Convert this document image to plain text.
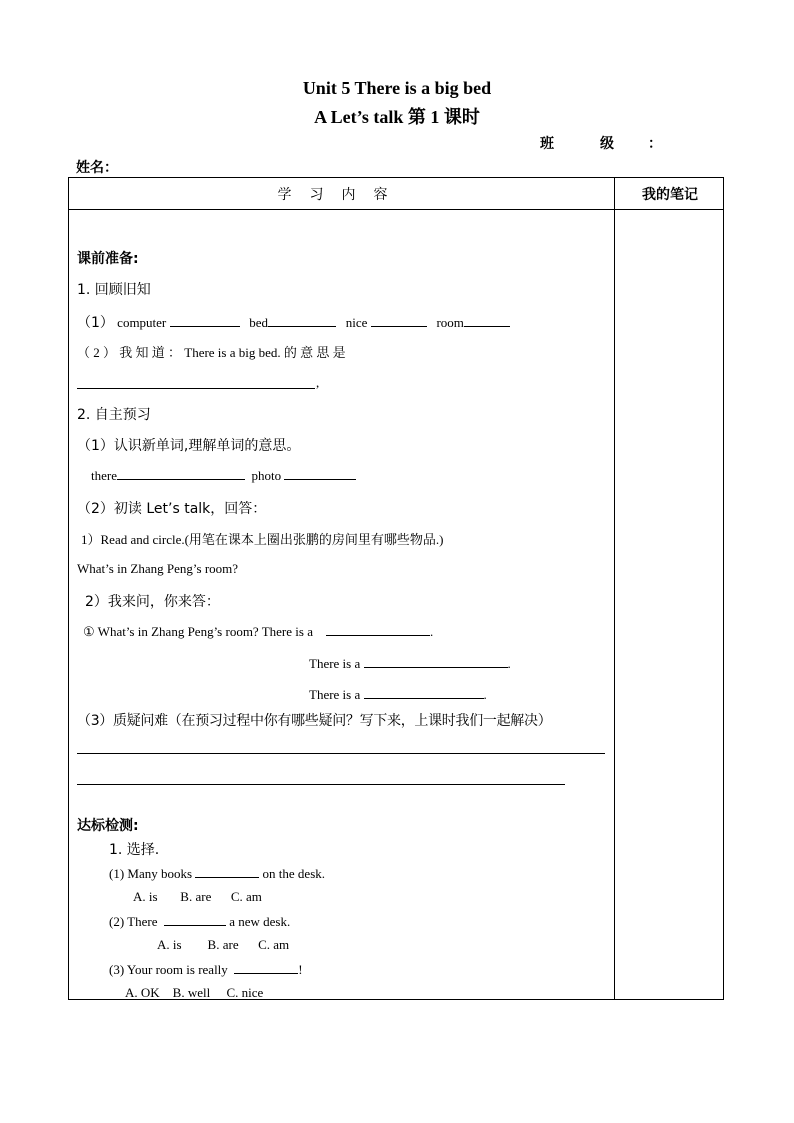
Unit 5 There is a big bed
A Let’s talk 第 1 课时
班	级 ：
姓名：
学习内容	我的笔记
课前准备:
1. 回顾旧知
（1） computer	bed	nice	room
（ 2 ） 我 知 道 ： There is a big bed. 的 意 思 是
,
2. 自主预习
（1）认识新单词,理解单词的意思。
there	photo
（2）初读 Let’s talk，回答：
1）Read and circle.(用笔在课本上圈出张鹏的房间里有哪些物品.)
What’s in Zhang Peng’s room?
2）我来问，你来答：
① What’s in Zhang Peng’s room? There is a	.
There is a	.
There is a	.
（3）质疑问难（在预习过程中你有哪些疑问？写下来，上课时我们一起解决）
达标检测:
1. 选择.
(1) Many books	on the desk.
A. is       B. are      C. am
(2) There	a new desk.
A. is        B. are      C. am
(3) Your room is really	!
A. OK    B. well     C. nice
